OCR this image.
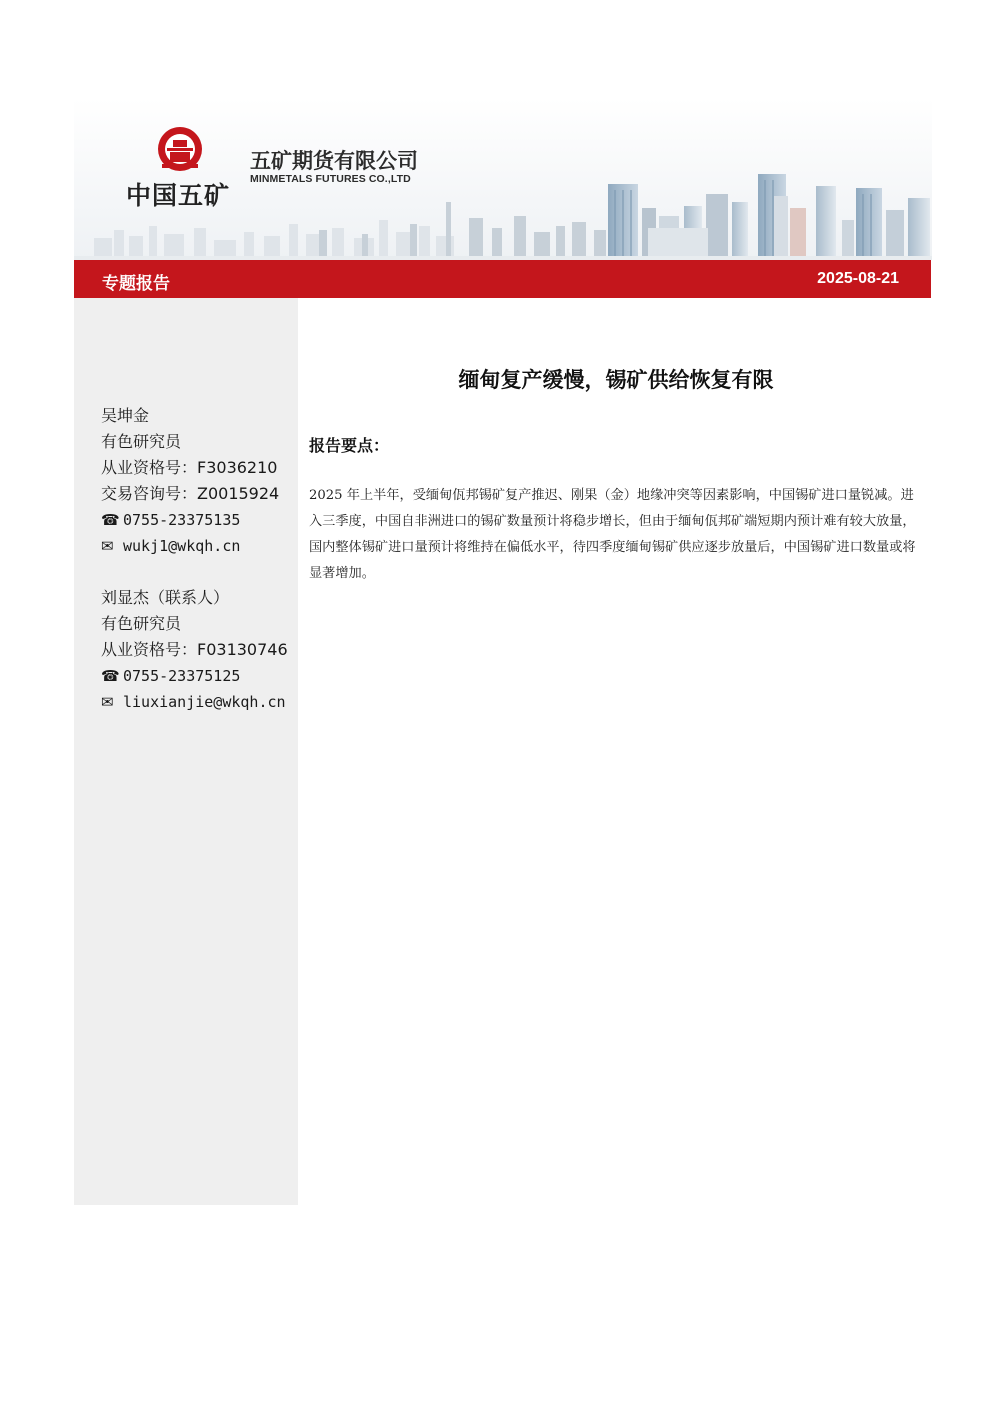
中国五矿
五矿期货有限公司
MINMETALS FUTURES CO.,LTD
专题报告	2025-08-21
吴坤金
有色研究员
从业资格号：F3036210
交易咨询号：Z0015924
☎ 0755-23375135
✉ wukj1@wkqh.cn
刘显杰（联系人）
有色研究员
从业资格号：F03130746
☎ 0755-23375125
✉ liuxianjie@wkqh.cn
缅甸复产缓慢，锡矿供给恢复有限
报告要点：
2025 年上半年，受缅甸佤邦锡矿复产推迟、刚果（金）地缘冲突等因素影响，中国锡矿进口量锐减。进入三季度，中国自非洲进口的锡矿数量预计将稳步增长，但由于缅甸佤邦矿端短期内预计难有较大放量，国内整体锡矿进口量预计将维持在偏低水平，待四季度缅甸锡矿供应逐步放量后，中国锡矿进口数量或将显著增加。
